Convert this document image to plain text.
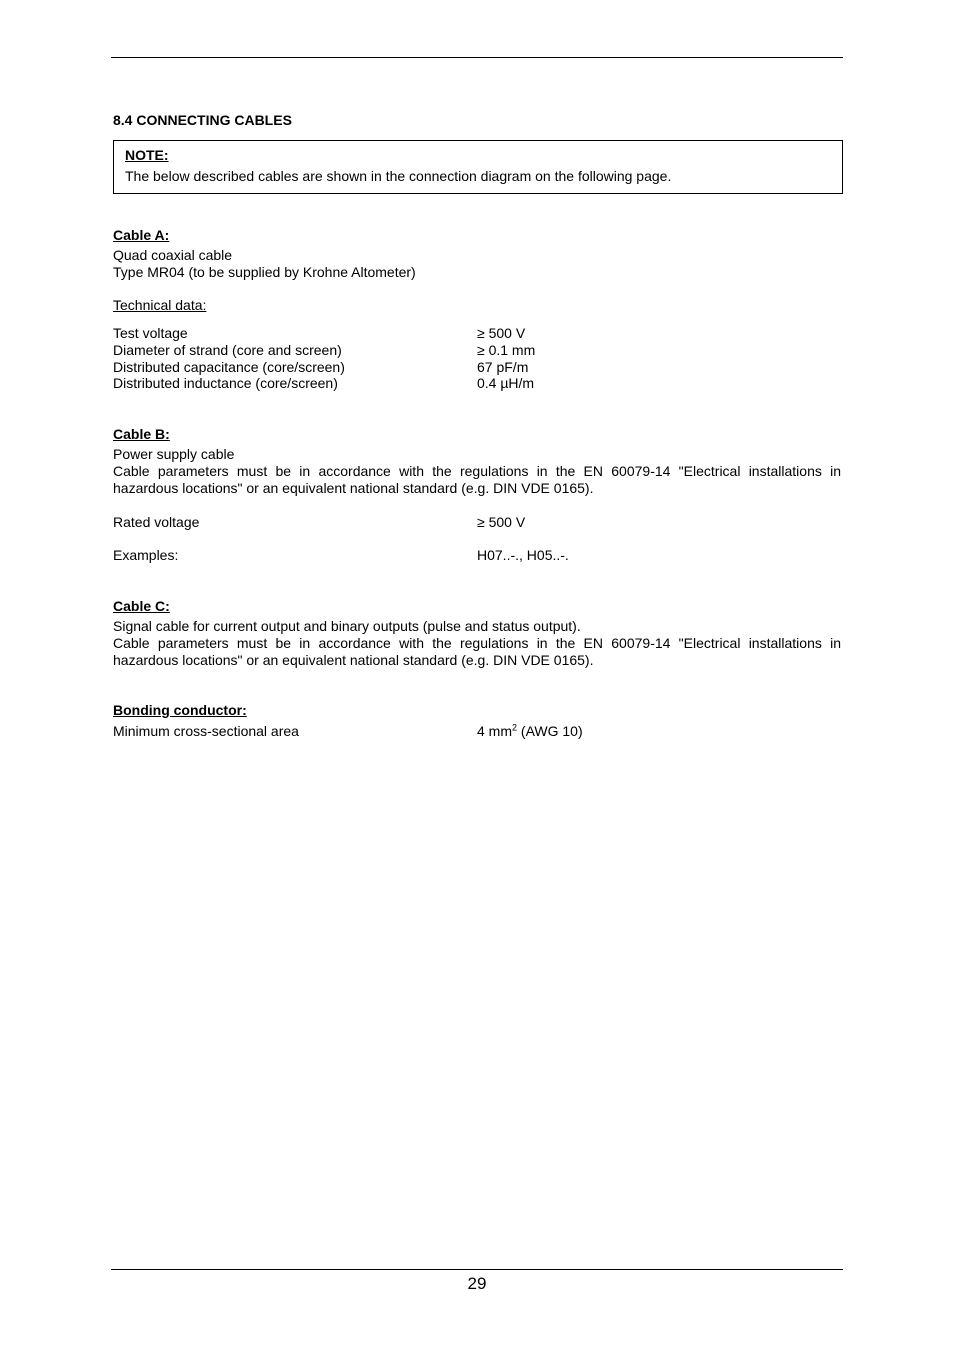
8.4 CONNECTING CABLES
NOTE:
The below described cables are shown in the connection diagram on the following page.
Cable A:
Quad coaxial cable
Type MR04 (to be supplied by Krohne Altometer)
Technical data:
Test voltage	≥ 500 V
Diameter of strand (core and screen)	≥ 0.1 mm
Distributed capacitance (core/screen)	67 pF/m
Distributed inductance (core/screen)	0.4 µH/m
Cable B:
Power supply cable
Cable parameters must be in accordance with the regulations in the EN 60079-14 "Electrical installations in hazardous locations" or an equivalent national standard (e.g. DIN VDE 0165).
Rated voltage	≥ 500 V
Examples:	H07..-., H05..-.
Cable C:
Signal cable for current output and binary outputs (pulse and status output).
Cable parameters must be in accordance with the regulations in the EN 60079-14 "Electrical installations in hazardous locations" or an equivalent national standard (e.g. DIN VDE 0165).
Bonding conductor:
Minimum cross-sectional area	4 $mm^2$ (AWG 10)
29
